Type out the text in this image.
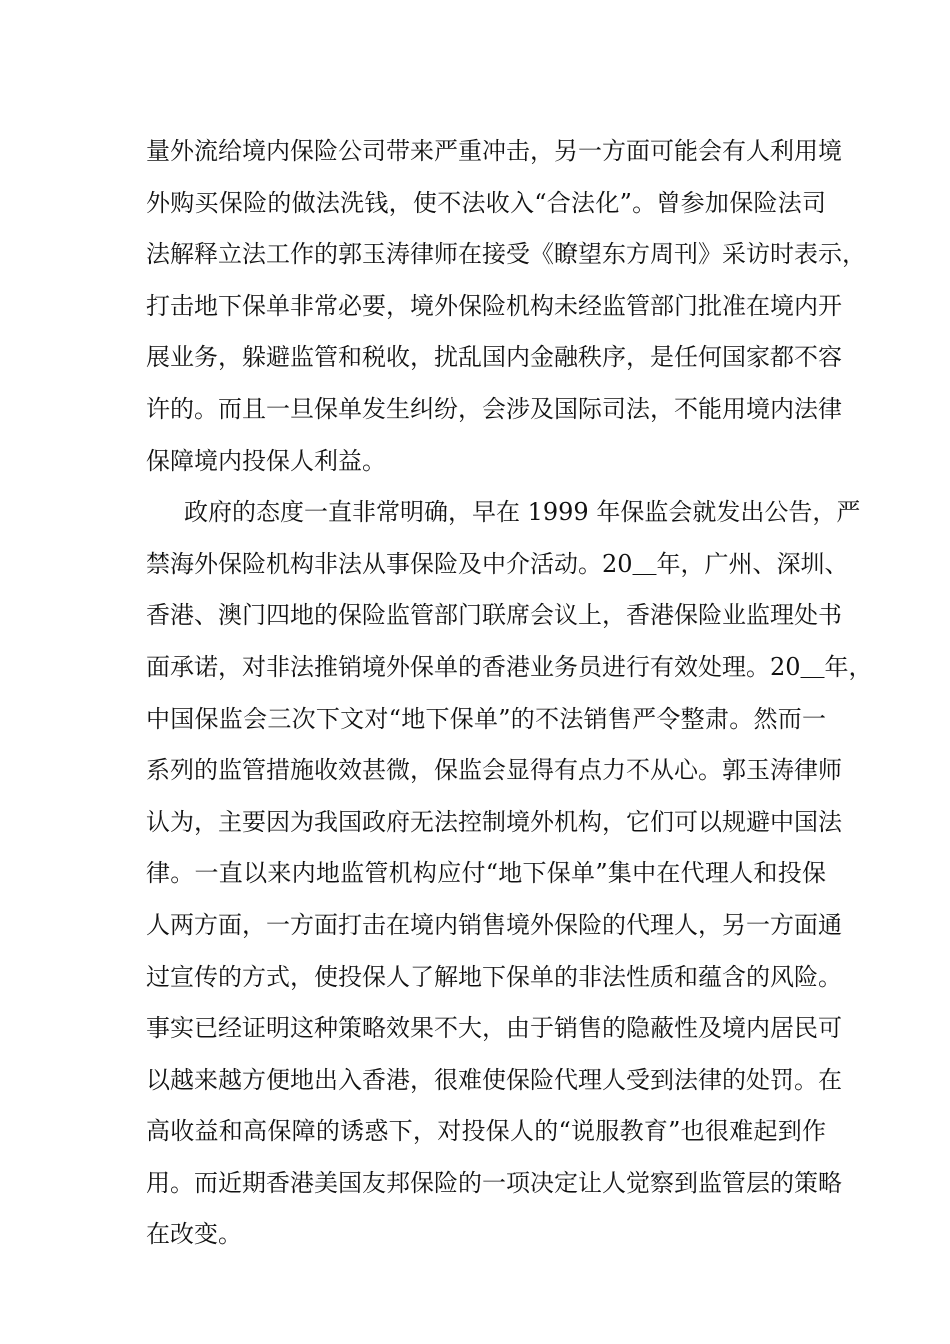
量外流给境内保险公司带来严重冲击，另一方面可能会有人利用境
外购买保险的做法洗钱，使不法收入“合法化”。曾参加保险法司
法解释立法工作的郭玉涛律师在接受《瞭望东方周刊》采访时表示，
打击地下保单非常必要，境外保险机构未经监管部门批准在境内开
展业务，躲避监管和税收，扰乱国内金融秩序，是任何国家都不容
许的。而且一旦保单发生纠纷，会涉及国际司法，不能用境内法律
保障境内投保人利益。
政府的态度一直非常明确，早在 1999 年保监会就发出公告，严
禁海外保险机构非法从事保险及中介活动。20＿年，广州、深圳、
香港、澳门四地的保险监管部门联席会议上，香港保险业监理处书
面承诺，对非法推销境外保单的香港业务员进行有效处理。20＿年，
中国保监会三次下文对“地下保单”的不法销售严令整肃。然而一
系列的监管措施收效甚微，保监会显得有点力不从心。郭玉涛律师
认为，主要因为我国政府无法控制境外机构，它们可以规避中国法
律。一直以来内地监管机构应付“地下保单”集中在代理人和投保
人两方面，一方面打击在境内销售境外保险的代理人，另一方面通
过宣传的方式，使投保人了解地下保单的非法性质和蕴含的风险。
事实已经证明这种策略效果不大，由于销售的隐蔽性及境内居民可
以越来越方便地出入香港，很难使保险代理人受到法律的处罚。在
高收益和高保障的诱惑下，对投保人的“说服教育”也很难起到作
用。而近期香港美国友邦保险的一项决定让人觉察到监管层的策略
在改变。
